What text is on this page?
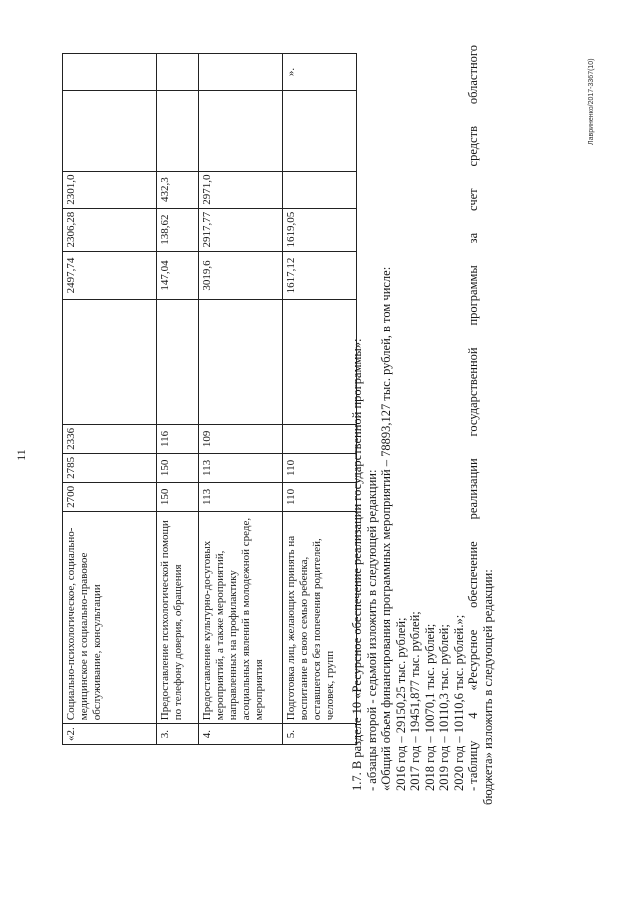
11
«2.	Социально-психологическое, социально-медицинское и социально-правовое обслуживание, консультации	2700	2785	2336		2497,74	2306,28	2301,0		
3.	Предоставление психологической помощи по телефону доверия, обращения	150	150	116		147,04	138,62	432,3		
4.	Предоставление культурно-досуговых мероприятий, а также мероприятий, направленных на профилактику асоциальных явлений в молодежной среде, мероприятия	113	113	109		3019,6	2917,77	2971,0		
5.	Подготовка лиц, желающих принять на воспитание в свою семью ребенка, оставшегося без попечения родителей, человек, групп	110	110			1617,12	1619,05			».

1.7. В разделе 10 «Ресурсное обеспечение реализации государственной программы»: - абзацы второй - седьмой изложить в следующей редакции: «Общий объем финансирования программных мероприятий – 78893,127 тыс. рублей, в том числе: 2016 год – 29150,25 тыс. рублей; 2017 год – 19451,877 тыс. рублей; 2018 год – 10070,1 тыс. рублей; 2019 год – 10110,3 тыс. рублей; 2020 год – 10110,6 тыс. рублей.»; - таблицу
4
«Ресурсное
обеспечение
реализации
государственной
программы
за
счет
средств
областного

бюджета» изложить в следующей редакции:

Лавриненко/2017-3367(10)
